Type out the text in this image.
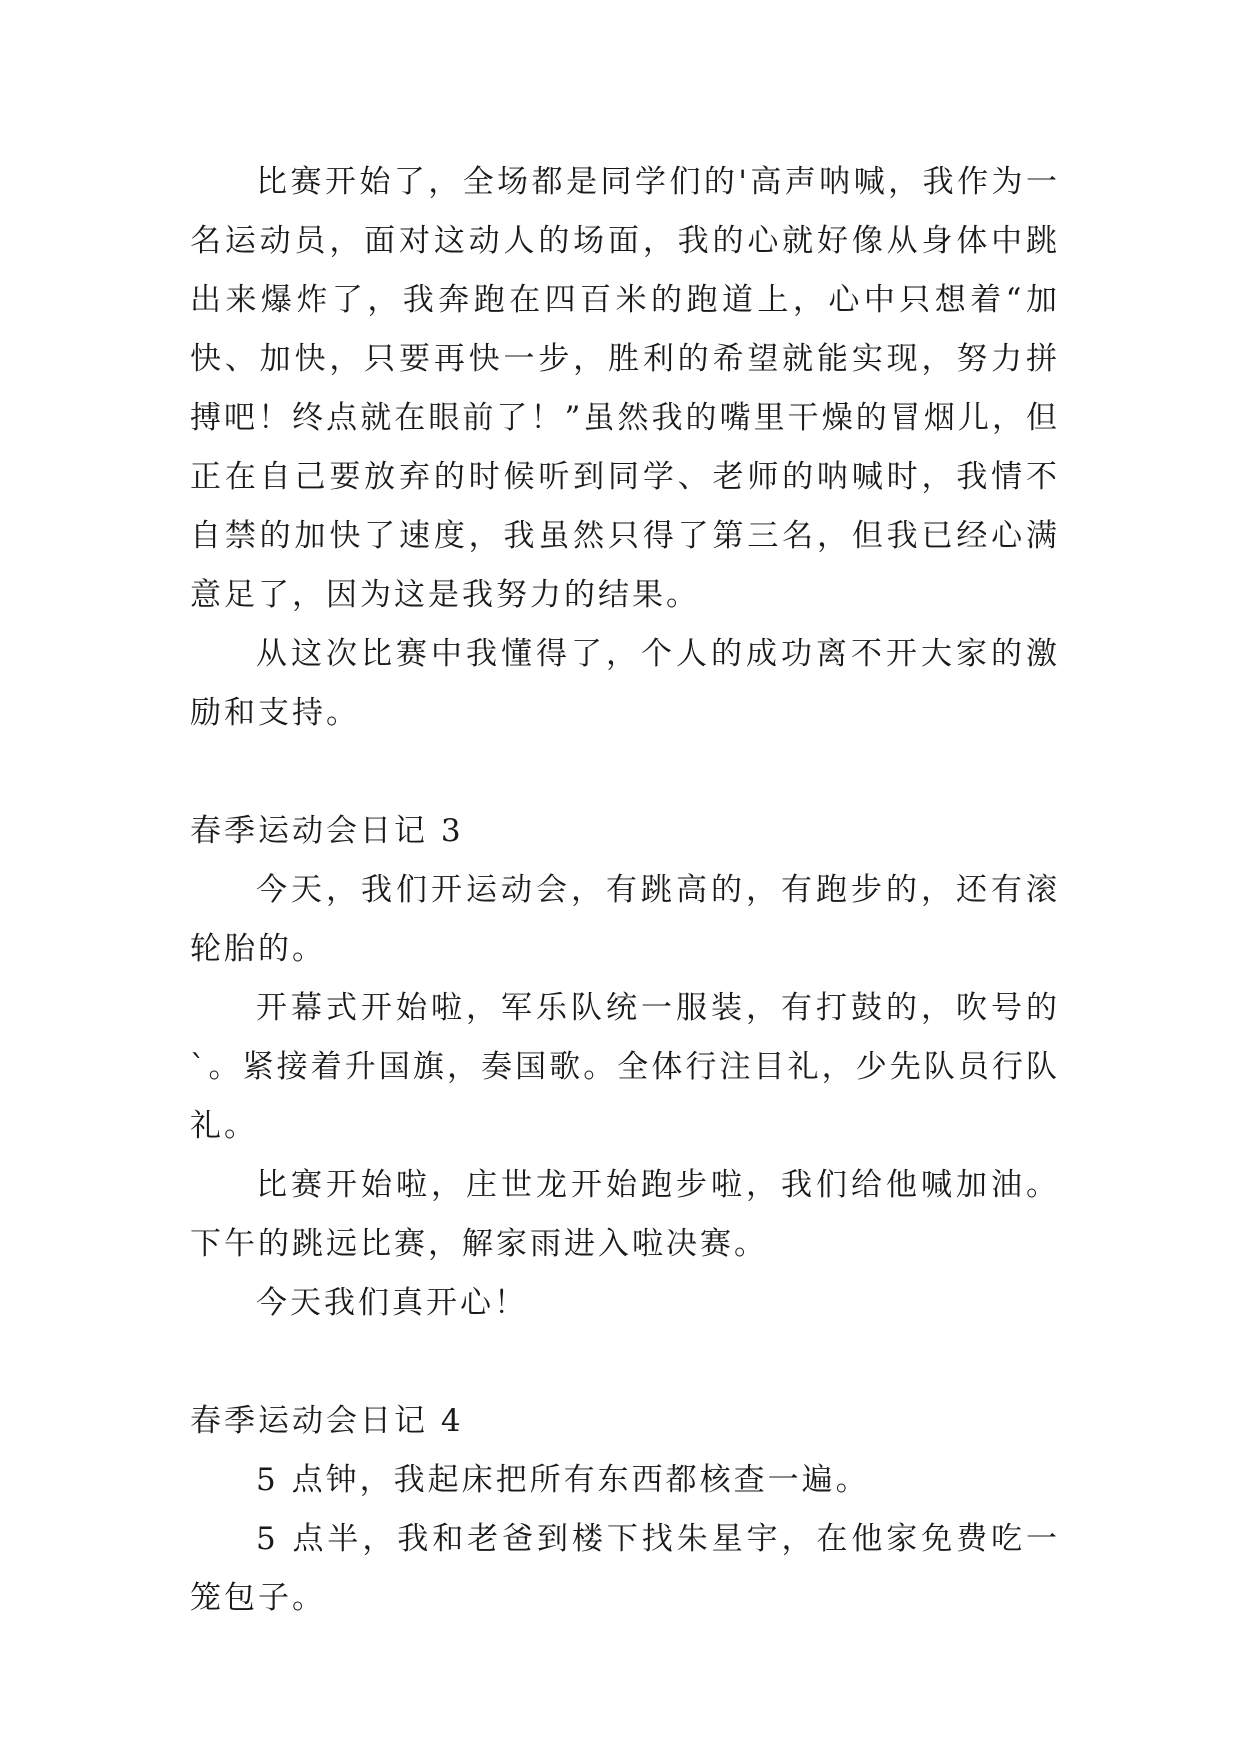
比赛开始了，全场都是同学们的'高声呐喊，我作为一名运动员，面对这动人的场面，我的心就好像从身体中跳出来爆炸了，我奔跑在四百米的跑道上，心中只想着“加快、加快，只要再快一步，胜利的希望就能实现，努力拼搏吧！终点就在眼前了！”虽然我的嘴里干燥的冒烟儿，但正在自己要放弃的时候听到同学、老师的呐喊时，我情不自禁的加快了速度，我虽然只得了第三名，但我已经心满意足了，因为这是我努力的结果。

从这次比赛中我懂得了，个人的成功离不开大家的激励和支持。

春季运动会日记 3

今天，我们开运动会，有跳高的，有跑步的，还有滚轮胎的。

开幕式开始啦，军乐队统一服装，有打鼓的，吹号的`。紧接着升国旗，奏国歌。全体行注目礼，少先队员行队礼。

比赛开始啦，庄世龙开始跑步啦，我们给他喊加油。下午的跳远比赛，解家雨进入啦决赛。

今天我们真开心！

春季运动会日记 4

5 点钟，我起床把所有东西都核查一遍。

5 点半，我和老爸到楼下找朱星宇，在他家免费吃一笼包子。
